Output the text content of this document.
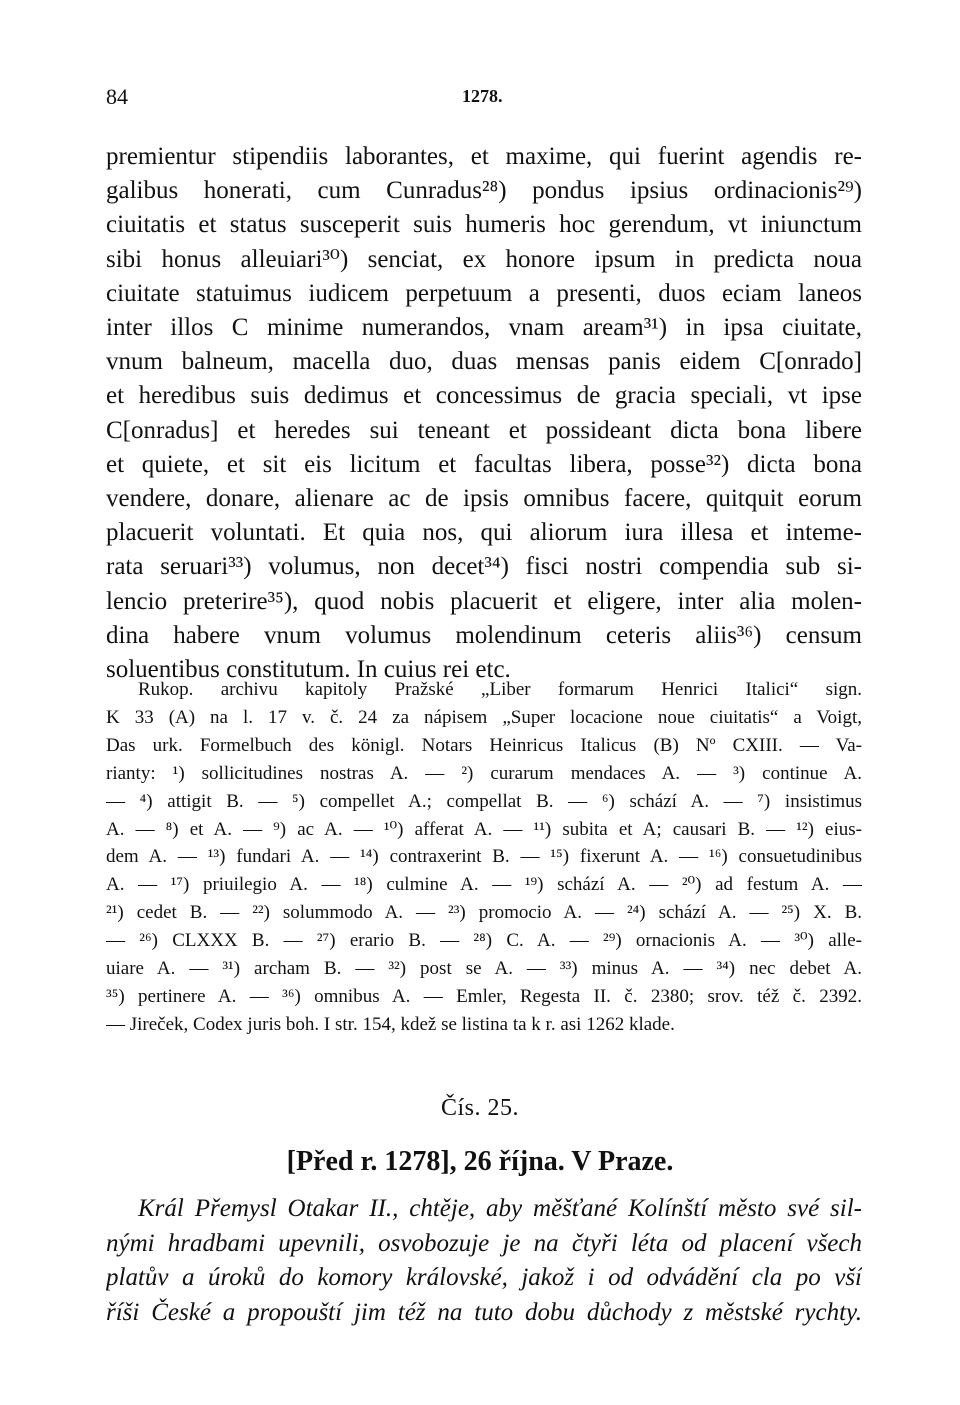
84	1278.
premientur stipendiis laborantes, et maxime, qui fuerint agendis re-
galibus honerati, cum Cunradus²⁸) pondus ipsius ordinacionis²⁹)
ciuitatis et status susceperit suis humeris hoc gerendum, vt iniunctum
sibi honus alleuiari³⁰) senciat, ex honore ipsum in predicta noua
ciuitate statuimus iudicem perpetuum a presenti, duos eciam laneos
inter illos C minime numerandos, vnam aream³¹) in ipsa ciuitate,
vnum balneum, macella duo, duas mensas panis eidem C[onrado]
et heredibus suis dedimus et concessimus de gracia speciali, vt ipse
C[onradus] et heredes sui teneant et possideant dicta bona libere
et quiete, et sit eis licitum et facultas libera, posse³²) dicta bona
vendere, donare, alienare ac de ipsis omnibus facere, quitquit eorum
placuerit voluntati. Et quia nos, qui aliorum iura illesa et inteme-
rata seruari³³) volumus, non decet³⁴) fisci nostri compendia sub si-
lencio preterire³⁵), quod nobis placuerit et eligere, inter alia molen-
dina habere vnum volumus molendinum ceteris aliis³⁶) censum
soluentibus constitutum. In cuius rei etc.
Rukop. archivu kapitoly Pražské „Liber formarum Henrici Italici“ sign.
K 33 (A) na l. 17 v. č. 24 za nápisem „Super locacione noue ciuitatis“ a Voigt,
Das urk. Formelbuch des königl. Notars Heinricus Italicus (B) Nº CXIII. — Va-
rianty: ¹) sollicitudines nostras A. — ²) curarum mendaces A. — ³) continue A.
— ⁴) attigit B. — ⁵) compellet A.; compellat B. — ⁶) schází A. — ⁷) insistimus
A. — ⁸) et A. — ⁹) ac A. — ¹⁰) afferat A. — ¹¹) subita et A; causari B. — ¹²) eius-
dem A. — ¹³) fundari A. — ¹⁴) contraxerint B. — ¹⁵) fixerunt A. — ¹⁶) consuetudinibus
A. — ¹⁷) priuilegio A. — ¹⁸) culmine A. — ¹⁹) schází A. — ²⁰) ad festum A. —
²¹) cedet B. — ²²) solummodo A. — ²³) promocio A. — ²⁴) schází A. — ²⁵) X. B.
— ²⁶) CLXXX B. — ²⁷) erario B. — ²⁸) C. A. — ²⁹) ornacionis A. — ³⁰) alle-
uiare A. — ³¹) archam B. — ³²) post se A. — ³³) minus A. — ³⁴) nec debet A.
³⁵) pertinere A. — ³⁶) omnibus A. — Emler, Regesta II. č. 2380; srov. též č. 2392.
— Jireček, Codex juris boh. I str. 154, kdež se listina ta k r. asi 1262 klade.
Čís. 25.
[Před r. 1278], 26 října. V Praze.
Král Přemysl Otakar II., chtěje, aby měšťané Kolínští město své sil-
nými hradbami upevnili, osvobozuje je na čtyři léta od placení všech
platův a úroků do komory královské, jakož i od odvádění cla po vší
říši České a propouští jim též na tuto dobu důchody z městské rychty.
